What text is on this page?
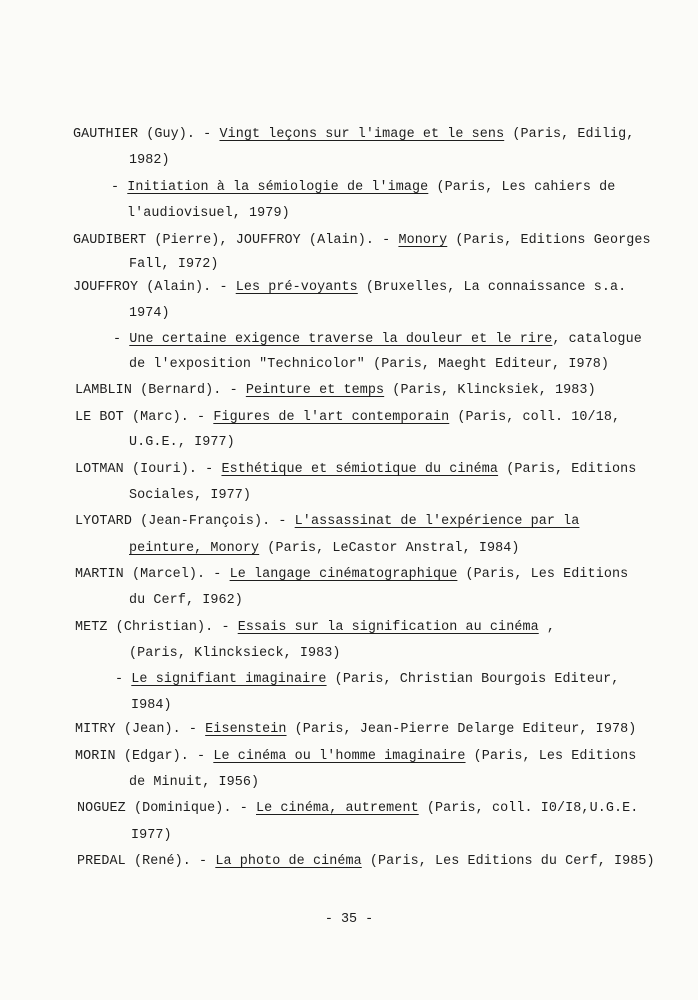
GAUTHIER (Guy). - Vingt leçons sur l'image et le sens (Paris, Edilig,
1982)
- Initiation à la sémiologie de l'image (Paris, Les cahiers de
l'audiovisuel, 1979)
GAUDIBERT (Pierre), JOUFFROY (Alain). - Monory (Paris, Editions Georges
Fall, I972)
JOUFFROY (Alain). - Les pré-voyants (Bruxelles, La connaissance s.a.
1974)
- Une certaine exigence traverse la douleur et le rire, catalogue
de l'exposition "Technicolor" (Paris, Maeght Editeur, I978)
LAMBLIN (Bernard). - Peinture et temps (Paris, Klincksiek, 1983)
LE BOT (Marc). - Figures de l'art contemporain (Paris, coll. 10/18,
U.G.E., I977)
LOTMAN (Iouri). - Esthétique et sémiotique du cinéma (Paris, Editions
Sociales, I977)
LYOTARD (Jean-François). - L'assassinat de l'expérience par la
peinture, Monory (Paris, LeCastor Anstral, I984)
MARTIN (Marcel). - Le langage cinématographique (Paris, Les Editions
du Cerf, I962)
METZ (Christian). - Essais sur la signification au cinéma ,
(Paris, Klincksieck, I983)
- Le signifiant imaginaire (Paris, Christian Bourgois Editeur,
I984)
MITRY (Jean). - Eisenstein (Paris, Jean-Pierre Delarge Editeur, I978)
MORIN (Edgar). - Le cinéma ou l'homme imaginaire (Paris, Les Editions
de Minuit, I956)
NOGUEZ (Dominique). - Le cinéma, autrement (Paris, coll. I0/I8,U.G.E.
I977)
PREDAL (René). - La photo de cinéma (Paris, Les Editions du Cerf, I985)
- 35 -
